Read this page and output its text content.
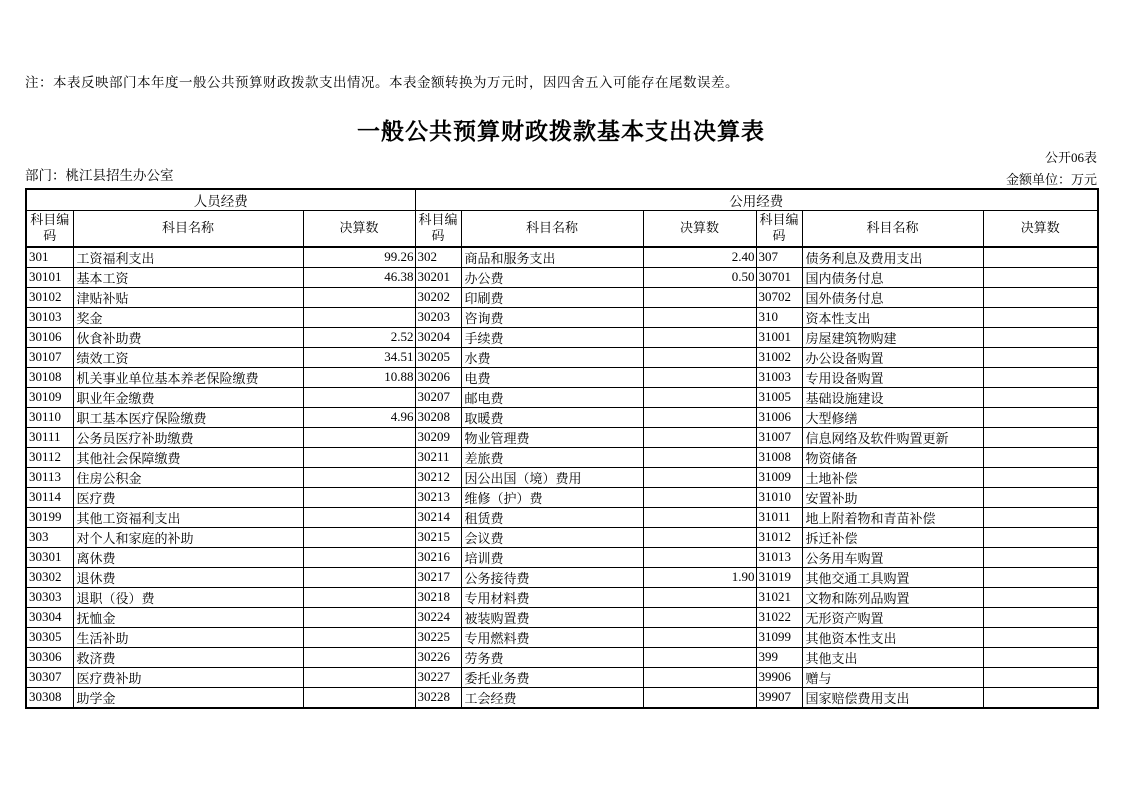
注：本表反映部门本年度一般公共预算财政拨款支出情况。本表金额转换为万元时，因四舍五入可能存在尾数误差。
一般公共预算财政拨款基本支出决算表
公开06表
部门：桃江县招生办公室	金额单位：万元
人员经费			公用经费					
科目编码	科目名称	决算数	科目编码	科目名称	决算数	科目编码	科目名称	决算数
301	工资福利支出	99.26	302	商品和服务支出	2.40	307	债务利息及费用支出	
30101	基本工资	46.38	30201	办公费	0.50	30701	国内债务付息	
30102	津贴补贴		30202	印刷费		30702	国外债务付息	
30103	奖金		30203	咨询费		310	资本性支出	
30106	伙食补助费	2.52	30204	手续费		31001	房屋建筑物购建	
30107	绩效工资	34.51	30205	水费		31002	办公设备购置	
30108	机关事业单位基本养老保险缴费	10.88	30206	电费		31003	专用设备购置	
30109	职业年金缴费		30207	邮电费		31005	基础设施建设	
30110	职工基本医疗保险缴费	4.96	30208	取暖费		31006	大型修缮	
30111	公务员医疗补助缴费		30209	物业管理费		31007	信息网络及软件购置更新	
30112	其他社会保障缴费		30211	差旅费		31008	物资储备	
30113	住房公积金		30212	因公出国（境）费用		31009	土地补偿	
30114	医疗费		30213	维修（护）费		31010	安置补助	
30199	其他工资福利支出		30214	租赁费		31011	地上附着物和青苗补偿	
303	对个人和家庭的补助		30215	会议费		31012	拆迁补偿	
30301	离休费		30216	培训费		31013	公务用车购置	
30302	退休费		30217	公务接待费	1.90	31019	其他交通工具购置	
30303	退职（役）费		30218	专用材料费		31021	文物和陈列品购置	
30304	抚恤金		30224	被装购置费		31022	无形资产购置	
30305	生活补助		30225	专用燃料费		31099	其他资本性支出	
30306	救济费		30226	劳务费		399	其他支出	
30307	医疗费补助		30227	委托业务费		39906	赠与	
30308	助学金		30228	工会经费		39907	国家赔偿费用支出	
